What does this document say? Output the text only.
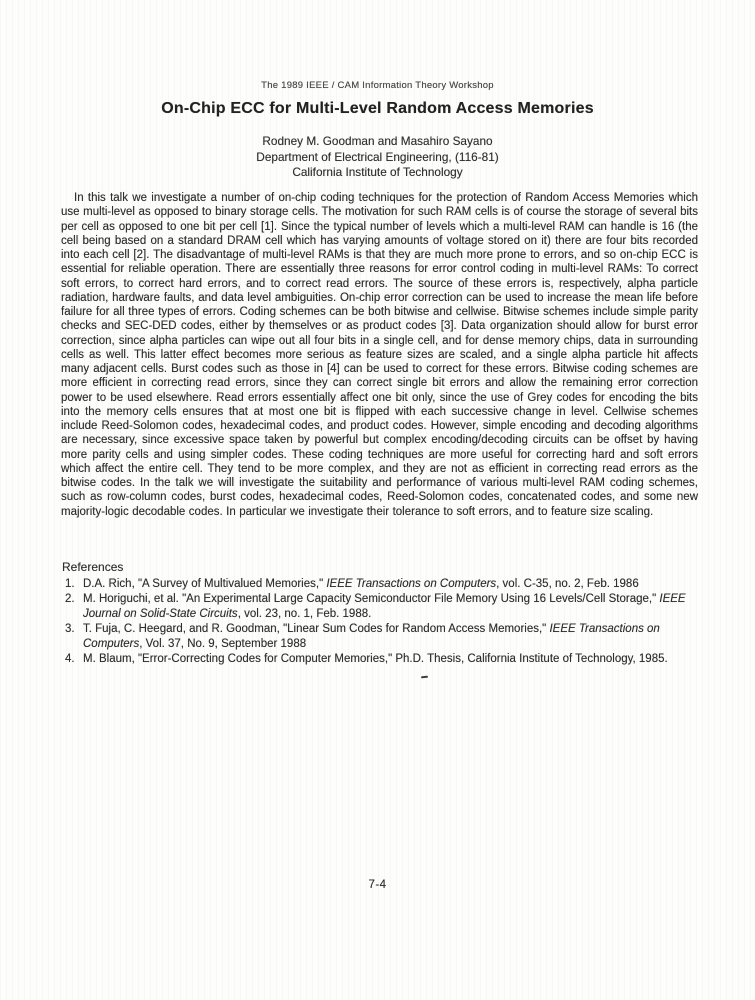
The 1989 IEEE / CAM Information Theory Workshop
On-Chip ECC for Multi-Level Random Access Memories
Rodney M. Goodman and Masahiro Sayano
Department of Electrical Engineering, (116-81)
California Institute of Technology

In this talk we investigate a number of on-chip coding techniques for the protection of Random Access Memories which use multi-level as opposed to binary storage cells. The motivation for such RAM cells is of course the storage of several bits per cell as opposed to one bit per cell [1]. Since the typical number of levels which a multi-level RAM can handle is 16 (the cell being based on a standard DRAM cell which has varying amounts of voltage stored on it) there are four bits recorded into each cell [2]. The disadvantage of multi-level RAMs is that they are much more prone to errors, and so on-chip ECC is essential for reliable operation. There are essentially three reasons for error control coding in multi-level RAMs: To correct soft errors, to correct hard errors, and to correct read errors. The source of these errors is, respectively, alpha particle radiation, hardware faults, and data level ambiguities. On-chip error correction can be used to increase the mean life before failure for all three types of errors. Coding schemes can be both bitwise and cellwise. Bitwise schemes include simple parity checks and SEC-DED codes, either by themselves or as product codes [3]. Data organization should allow for burst error correction, since alpha particles can wipe out all four bits in a single cell, and for dense memory chips, data in surrounding cells as well. This latter effect becomes more serious as feature sizes are scaled, and a single alpha particle hit affects many adjacent cells. Burst codes such as those in [4] can be used to correct for these errors. Bitwise coding schemes are more efficient in correcting read errors, since they can correct single bit errors and allow the remaining error correction power to be used elsewhere. Read errors essentially affect one bit only, since the use of Grey codes for encoding the bits into the memory cells ensures that at most one bit is flipped with each successive change in level. Cellwise schemes include Reed-Solomon codes, hexadecimal codes, and product codes. However, simple encoding and decoding algorithms are necessary, since excessive space taken by powerful but complex encoding/decoding circuits can be offset by having more parity cells and using simpler codes. These coding techniques are more useful for correcting hard and soft errors which affect the entire cell. They tend to be more complex, and they are not as efficient in correcting read errors as the bitwise codes. In the talk we will investigate the suitability and performance of various multi-level RAM coding schemes, such as row-column codes, burst codes, hexadecimal codes, Reed-Solomon codes, concatenated codes, and some new majority-logic decodable codes. In particular we investigate their tolerance to soft errors, and to feature size scaling.

References
1. D.A. Rich, "A Survey of Multivalued Memories," IEEE Transactions on Computers, vol. C-35, no. 2, Feb. 1986
2. M. Horiguchi, et al. "An Experimental Large Capacity Semiconductor File Memory Using 16 Levels/Cell Storage," IEEE Journal on Solid-State Circuits, vol. 23, no. 1, Feb. 1988.
3. T. Fuja, C. Heegard, and R. Goodman, "Linear Sum Codes for Random Access Memories," IEEE Transactions on Computers, Vol. 37, No. 9, September 1988
4. M. Blaum, "Error-Correcting Codes for Computer Memories," Ph.D. Thesis, California Institute of Technology, 1985.
7-4
